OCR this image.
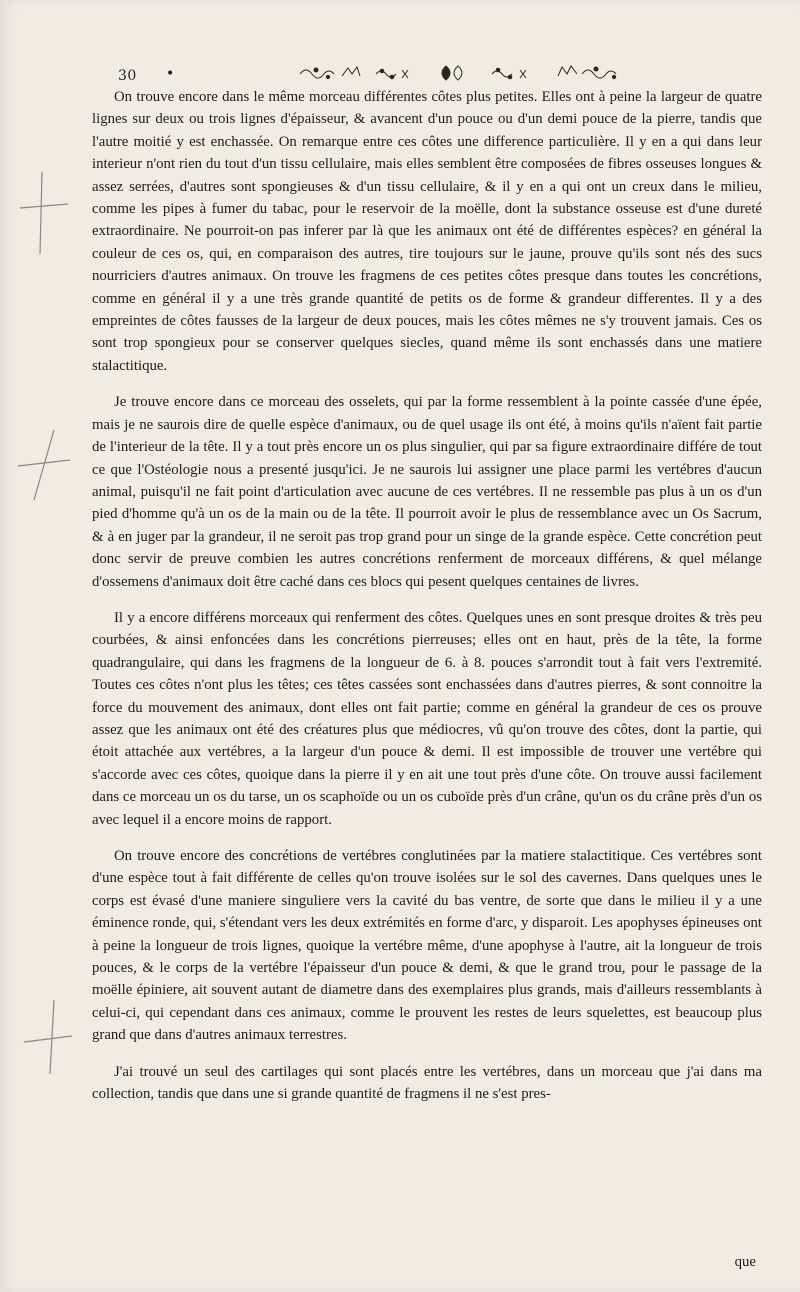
30 •

On trouve encore dans le même morceau différentes côtes plus petites. Elles ont à peine la largeur de quatre lignes sur deux ou trois lignes d'épaisseur, & avancent d'un pouce ou d'un demi pouce de la pierre, tandis que l'autre moitié y est enchassée. On remarque entre ces côtes une difference particulière. Il y en a qui dans leur interieur n'ont rien du tout d'un tissu cellulaire, mais elles semblent être composées de fibres osseuses longues & assez serrées, d'autres sont spongieuses & d'un tissu cellulaire, & il y en a qui ont un creux dans le milieu, comme les pipes à fumer du tabac, pour le reservoir de la moëlle, dont la substance osseuse est d'une dureté extraordinaire. Ne pourroit-on pas inferer par là que les animaux ont été de différentes espèces? en général la couleur de ces os, qui, en comparaison des autres, tire toujours sur le jaune, prouve qu'ils sont nés des sucs nourriciers d'autres animaux. On trouve les fragmens de ces petites côtes presque dans toutes les concrétions, comme en général il y a une très grande quantité de petits os de forme & grandeur differentes. Il y a des empreintes de côtes fausses de la largeur de deux pouces, mais les côtes mêmes ne s'y trouvent jamais. Ces os sont trop spongieux pour se conserver quelques siecles, quand même ils sont enchassés dans une matiere stalactitique.

Je trouve encore dans ce morceau des osselets, qui par la forme ressemblent à la pointe cassée d'une épée, mais je ne saurois dire de quelle espèce d'animaux, ou de quel usage ils ont été, à moins qu'ils n'aïent fait partie de l'interieur de la tête. Il y a tout près encore un os plus singulier, qui par sa figure extraordinaire différe de tout ce que l'Ostéologie nous a presenté jusqu'ici. Je ne saurois lui assigner une place parmi les vertébres d'aucun animal, puisqu'il ne fait point d'articulation avec aucune de ces vertébres. Il ne ressemble pas plus à un os d'un pied d'homme qu'à un os de la main ou de la tête. Il pourroit avoir le plus de ressemblance avec un Os Sacrum, & à en juger par la grandeur, il ne seroit pas trop grand pour un singe de la grande espèce. Cette concrétion peut donc servir de preuve combien les autres concrétions renferment de morceaux différens, & quel mélange d'ossemens d'animaux doit être caché dans ces blocs qui pesent quelques centaines de livres.

Il y a encore différens morceaux qui renferment des côtes. Quelques unes en sont presque droites & très peu courbées, & ainsi enfoncées dans les concrétions pierreuses; elles ont en haut, près de la tête, la forme quadrangulaire, qui dans les fragmens de la longueur de 6. à 8. pouces s'arrondit tout à fait vers l'extremité. Toutes ces côtes n'ont plus les têtes; ces têtes cassées sont enchassées dans d'autres pierres, & sont connoitre la force du mouvement des animaux, dont elles ont fait partie; comme en général la grandeur de ces os prouve assez que les animaux ont été des créatures plus que médiocres, vû qu'on trouve des côtes, dont la partie, qui étoit attachée aux vertébres, a la largeur d'un pouce & demi. Il est impossible de trouver une vertébre qui s'accorde avec ces côtes, quoique dans la pierre il y en ait une tout près d'une côte. On trouve aussi facilement dans ce morceau un os du tarse, un os scaphoïde ou un os cuboïde près d'un crâne, qu'un os du crâne près d'un os avec lequel il a encore moins de rapport.

On trouve encore des concrétions de vertébres conglutinées par la matiere stalactitique. Ces vertébres sont d'une espèce tout à fait différente de celles qu'on trouve isolées sur le sol des cavernes. Dans quelques unes le corps est évasé d'une maniere singuliere vers la cavité du bas ventre, de sorte que dans le milieu il y a une éminence ronde, qui, s'étendant vers les deux extrémités en forme d'arc, y disparoit. Les apophyses épineuses ont à peine la longueur de trois lignes, quoique la vertébre même, d'une apophyse à l'autre, ait la longueur de trois pouces, & le corps de la vertébre l'épaisseur d'un pouce & demi, & que le grand trou, pour le passage de la moëlle épiniere, ait souvent autant de diametre dans des exemplaires plus grands, mais d'ailleurs ressemblants à celui-ci, qui cependant dans ces animaux, comme le prouvent les restes de leurs squelettes, est beaucoup plus grand que dans d'autres animaux terrestres.

J'ai trouvé un seul des cartilages qui sont placés entre les vertébres, dans un morceau que j'ai dans ma collection, tandis que dans une si grande quantité de fragmens il ne s'est pres-

que
